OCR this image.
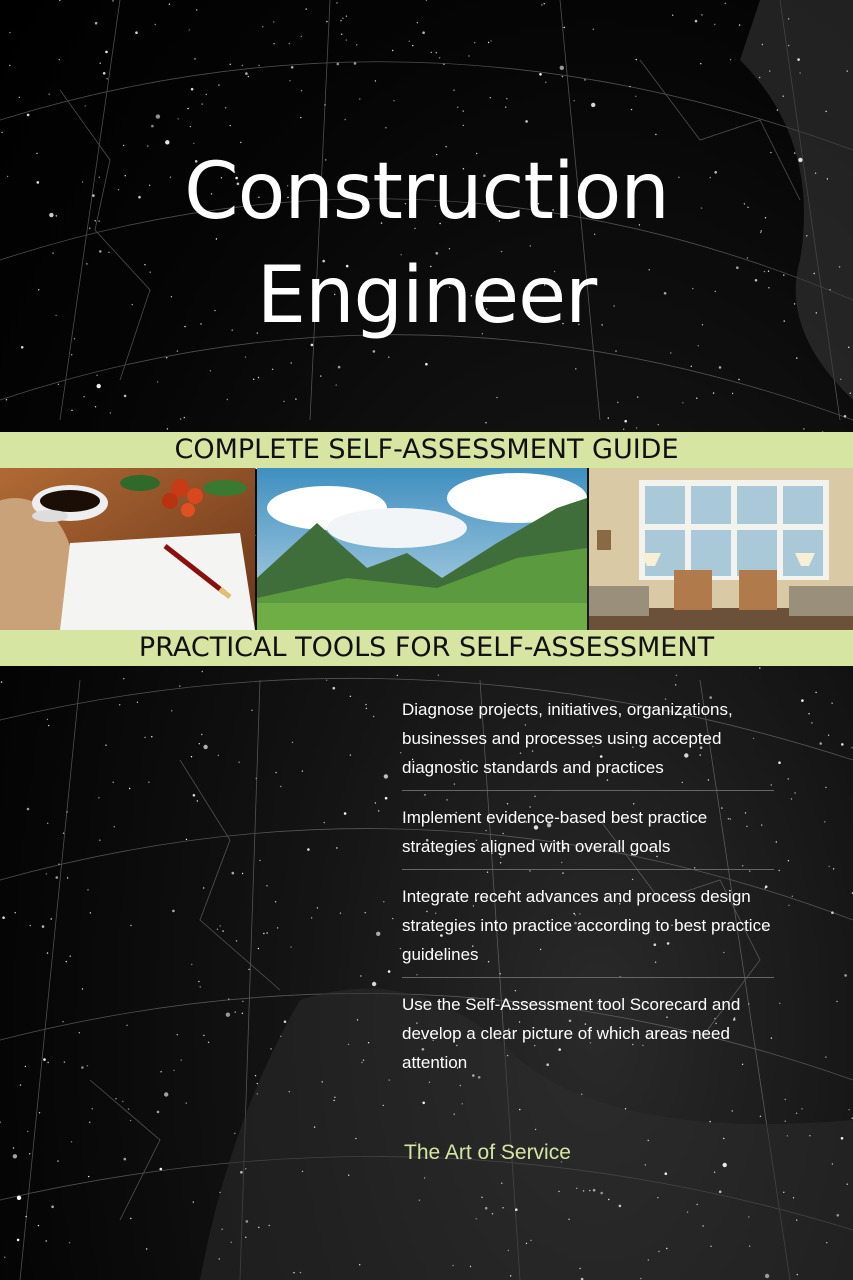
Construction
Engineer
COMPLETE SELF-ASSESSMENT GUIDE
PRACTICAL TOOLS FOR SELF-ASSESSMENT
Diagnose projects, initiatives, organizations, businesses and processes using accepted diagnostic standards and practices
Implement evidence-based best practice strategies aligned with overall goals
Integrate recent advances and process design strategies into practice according to best practice guidelines
Use the Self-Assessment tool Scorecard and develop a clear picture of which areas need attention
The Art of Service
